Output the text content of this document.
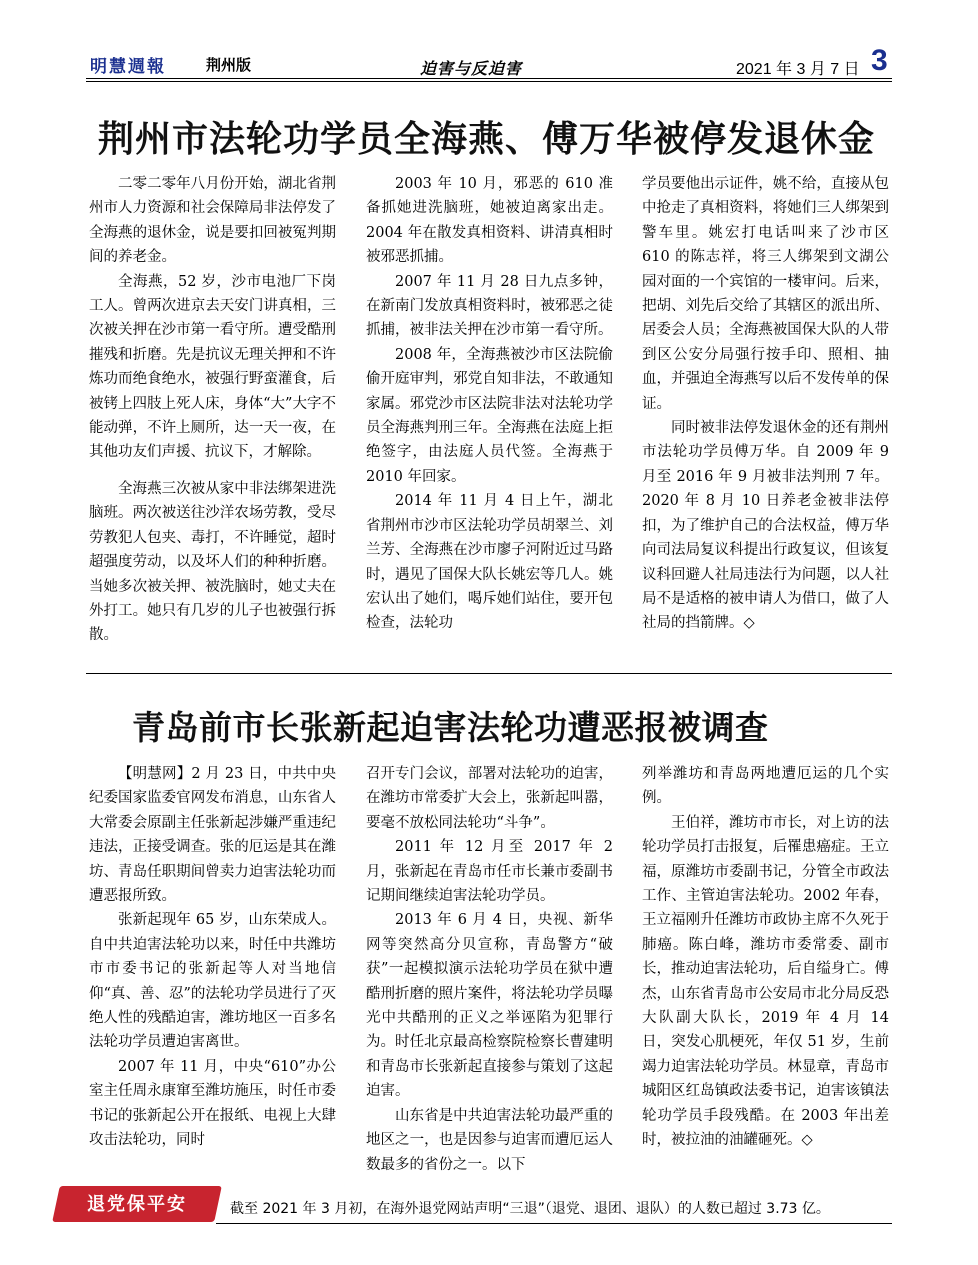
明慧週報	荆州版	迫害与反迫害	2021 年 3 月 7 日 3
荆州市法轮功学员全海燕、傅万华被停发退休金

二零二零年八月份开始，湖北省荆州市人力资源和社会保障局非法停发了全海燕的退休金，说是要扣回被冤判期间的养老金。

全海燕，52 岁，沙市电池厂下岗工人。曾两次进京去天安门讲真相，三次被关押在沙市第一看守所。遭受酷刑摧残和折磨。先是抗议无理关押和不许炼功而绝食绝水，被强行野蛮灌食，后被铐上四肢上死人床，身体“大”大字不能动弹，不许上厕所，达一天一夜，在其他功友们声援、抗议下，才解除。

全海燕三次被从家中非法绑架进洗脑班。两次被送往沙洋农场劳教，受尽劳教犯人包夹、毒打，不许睡觉，超时超强度劳动，以及坏人们的种种折磨。当她多次被关押、被洗脑时，她丈夫在外打工。她只有几岁的儿子也被强行拆散。

2003 年 10 月，邪恶的 610 准备抓她进洗脑班，她被迫离家出走。2004 年在散发真相资料、讲清真相时被邪恶抓捕。

2007 年 11 月 28 日九点多钟，在新南门发放真相资料时，被邪恶之徒抓捕，被非法关押在沙市第一看守所。

2008 年，全海燕被沙市区法院偷偷开庭审判，邪党自知非法，不敢通知家属。邪党沙市区法院非法对法轮功学员全海燕判刑三年。全海燕在法庭上拒绝签字，由法庭人员代签。全海燕于 2010 年回家。

2014 年 11 月 4 日上午，湖北省荆州市沙市区法轮功学员胡翠兰、刘兰芳、全海燕在沙市廖子河附近过马路时，遇见了国保大队长姚宏等几人。姚宏认出了她们，喝斥她们站住，要开包检查，法轮功

学员要他出示证件，姚不给，直接从包中抢走了真相资料，将她们三人绑架到警车里。姚宏打电话叫来了沙市区 610 的陈志祥，将三人绑架到文湖公园对面的一个宾馆的一楼审问。后来，把胡、刘先后交给了其辖区的派出所、居委会人员；全海燕被国保大队的人带到区公安分局强行按手印、照相、抽血，并强迫全海燕写以后不发传单的保证。

同时被非法停发退休金的还有荆州市法轮功学员傅万华。自 2009 年 9 月至 2016 年 9 月被非法判刑 7 年。2020 年 8 月 10 日养老金被非法停扣，为了维护自己的合法权益，傅万华向司法局复议科提出行政复议，但该复议科回避人社局违法行为问题，以人社局不是适格的被申请人为借口，做了人社局的挡箭牌。◇

青岛前市长张新起迫害法轮功遭恶报被调查

【明慧网】2 月 23 日，中共中央纪委国家监委官网发布消息，山东省人大常委会原副主任张新起涉嫌严重违纪违法，正接受调查。张的厄运是其在潍坊、青岛任职期间曾卖力迫害法轮功而遭恶报所致。

张新起现年 65 岁，山东荣成人。自中共迫害法轮功以来，时任中共潍坊市市委书记的张新起等人对当地信仰“真、善、忍”的法轮功学员进行了灭绝人性的残酷迫害，潍坊地区一百多名法轮功学员遭迫害离世。

2007 年 11 月，中央“610”办公室主任周永康窜至潍坊施压，时任市委书记的张新起公开在报纸、电视上大肆攻击法轮功，同时

召开专门会议，部署对法轮功的迫害，在潍坊市常委扩大会上，张新起叫嚣，要毫不放松同法轮功“斗争”。

2011 年 12 月至 2017 年 2 月，张新起在青岛市任市长兼市委副书记期间继续迫害法轮功学员。

2013 年 6 月 4 日，央视、新华网等突然高分贝宣称，青岛警方“破获”一起模拟演示法轮功学员在狱中遭酷刑折磨的照片案件，将法轮功学员曝光中共酷刑的正义之举诬陷为犯罪行为。时任北京最高检察院检察长曹建明和青岛市长张新起直接参与策划了这起迫害。

山东省是中共迫害法轮功最严重的地区之一，也是因参与迫害而遭厄运人数最多的省份之一。以下

列举潍坊和青岛两地遭厄运的几个实例。

王伯祥，潍坊市市长，对上访的法轮功学员打击报复，后罹患癌症。王立福，原潍坊市委副书记，分管全市政法工作、主管迫害法轮功。2002 年春，王立福刚升任潍坊市政协主席不久死于肺癌。陈白峰，潍坊市委常委、副市长，推动迫害法轮功，后自缢身亡。傅杰，山东省青岛市公安局市北分局反恐大队副大队长，2019 年 4 月 14 日，突发心肌梗死，年仅 51 岁，生前竭力迫害法轮功学员。林显章，青岛市城阳区红岛镇政法委书记，迫害该镇法轮功学员手段残酷。在 2003 年出差时，被拉油的油罐砸死。◇

退党保平安	截至 2021 年 3 月初，在海外退党网站声明“三退”（退党、退团、退队）的人数已超过 3.73 亿。
